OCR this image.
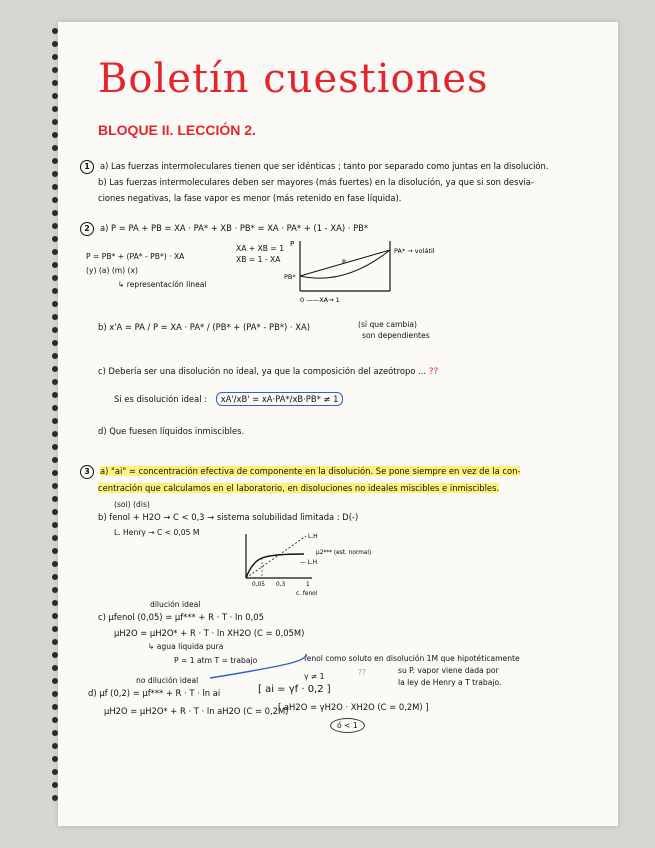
Boletín cuestiones
BLOQUE II. LECCIÓN 2.
1 a) Las fuerzas intermoleculares tienen que ser idénticas ; tanto por separado como juntas en la disolución.
b) Las fuerzas intermoleculares deben ser mayores (más fuertes) en la disolución, ya que si son desvia-
ciones negativas, la fase vapor es menor (más retenido en fase líquida).
2 a) P = PA + PB = XA · PA* + XB · PB* = XA · PA* + (1 - XA) · PB*
XA + XB = 1
XB = 1 - XA
P = PB* + (PA* - PB*) · XA
(y) (a) (m) (x)
↳ representación lineal
P
PA* → volátil
PB*
0 ——XA→ 1
P
b) x'A = PA / P = XA · PA* / (PB* + (PA* - PB*) · XA)	(sí que cambia)
son dependientes
c) Debería ser una disolución no ideal, ya que la composición del azeótropo ... ??
Si es disolución ideal : xA'/xB' = xA·PA*/xB·PB* ≠ 1
d) Que fuesen líquidos inmiscibles.
3 a) "ai" = concentración efectiva de componente en la disolución. Se pone siempre en vez de la con-
centración que calculamos en el laboratorio, en disoluciones no ideales miscibles e inmiscibles.
(sol) (dis)
b) fenol + H2O → C < 0,3 → sistema solubilidad limitada : D(-)
L. Henry → C < 0,05 M	L.H
μ2*** (est. normal)
— L.H
0,05 0,3	1
c. fenol
dilución ideal
c) μfenol (0,05) = μf*** + R · T · ln 0,05
μH2O = μH2O* + R · T · ln XH2O (C = 0,05M)
↳ agua líquida pura
P = 1 atm T = trabajo	fenol como soluto en disolución 1M que hipotéticamente
su P. vapor viene dada por
la ley de Henry a T trabajo.
??
no dilución ideal
d) μf (0,2) = μf*** + R · T · ln ai	[ ai = γf · 0,2 ]
γ ≠ 1
μH2O = μH2O* + R · T · ln aH2O (C = 0,2M)
[ aH2O = γH2O · XH2O (C = 0,2M) ]
ó < 1
